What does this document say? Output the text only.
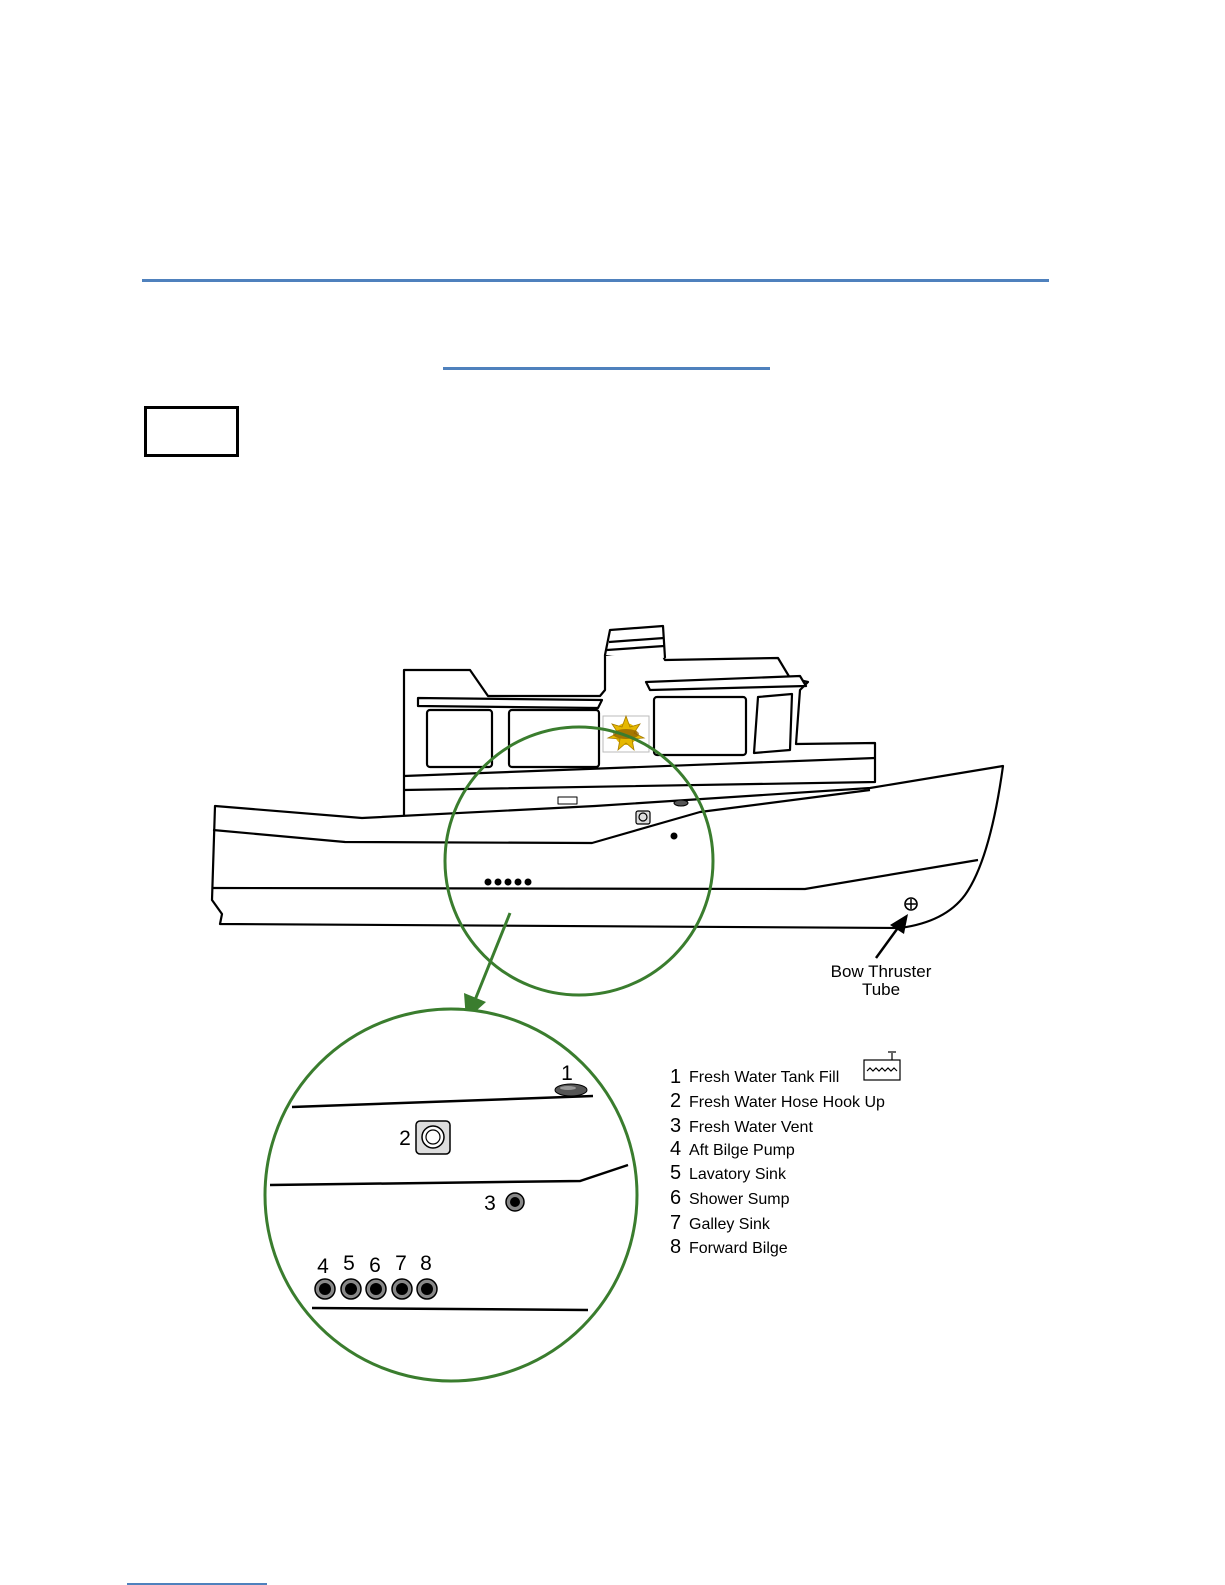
Bow Thruster
Tube
1
2
3
4 5 6 7 8
1 Fresh Water Tank Fill
2 Fresh Water Hose Hook Up
3 Fresh Water Vent
4 Aft Bilge Pump
5 Lavatory Sink
6 Shower Sump
7 Galley Sink
8 Forward Bilge
